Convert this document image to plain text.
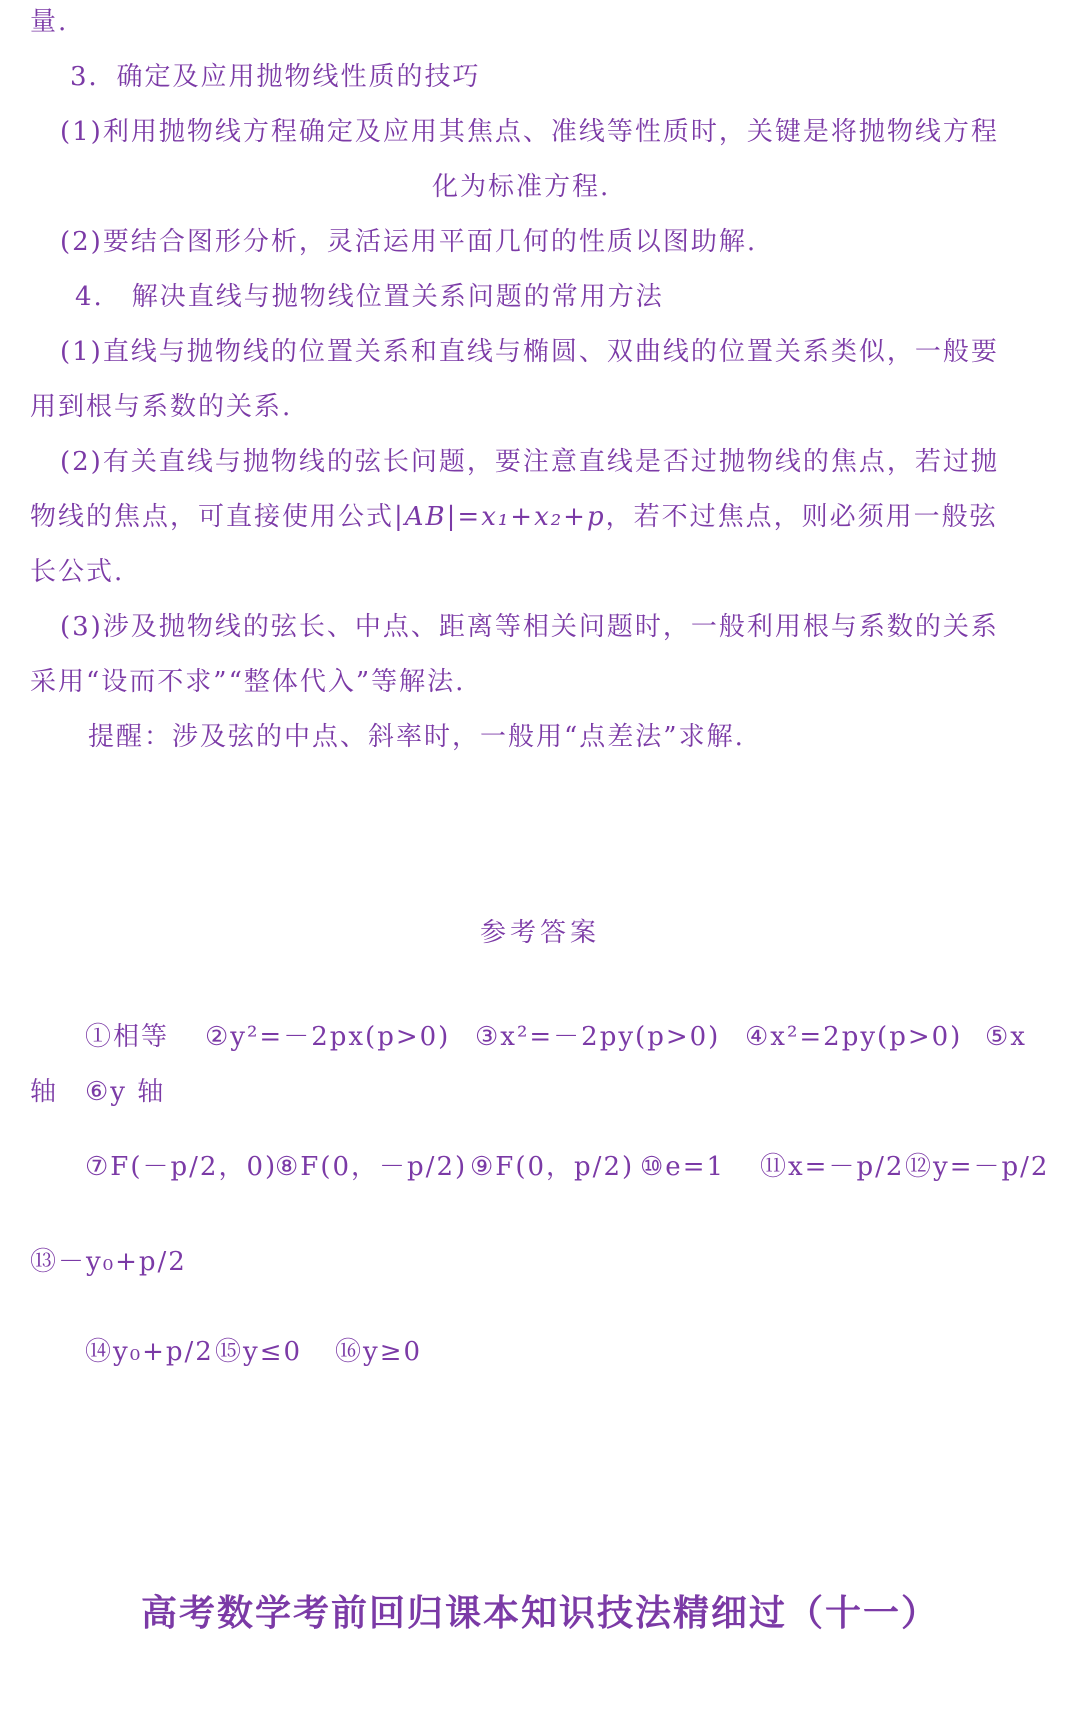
量.
3．确定及应用抛物线性质的技巧
(1)利用抛物线方程确定及应用其焦点、准线等性质时，关键是将抛物线方程
化为标准方程.
(2)要结合图形分析，灵活运用平面几何的性质以图助解.
4.　解决直线与抛物线位置关系问题的常用方法
(1)直线与抛物线的位置关系和直线与椭圆、双曲线的位置关系类似，一般要
用到根与系数的关系.
(2)有关直线与抛物线的弦长问题，要注意直线是否过抛物线的焦点，若过抛
物线的焦点，可直接使用公式|AB|=x₁+x₂+p，若不过焦点，则必须用一般弦
长公式.
(3)涉及抛物线的弦长、中点、距离等相关问题时，一般利用根与系数的关系
采用“设而不求”“整体代入”等解法.
提醒：涉及弦的中点、斜率时，一般用“点差法”求解.
参考答案
①相等 ②y²=－2px(p>0) ③x²=－2py(p>0) ④x²=2py(p>0) ⑤x
轴 ⑥y 轴
⑦F(－p/2，0)
⑧F(0，－p/2) ⑨F(0，p/2) ⑩e=1 ⑪x=－p/2 ⑫y=－p/2
⑬－y₀+p/2
⑭y₀+p/2 ⑮y≤0 ⑯y≥0
高考数学考前回归课本知识技法精细过（十一）
